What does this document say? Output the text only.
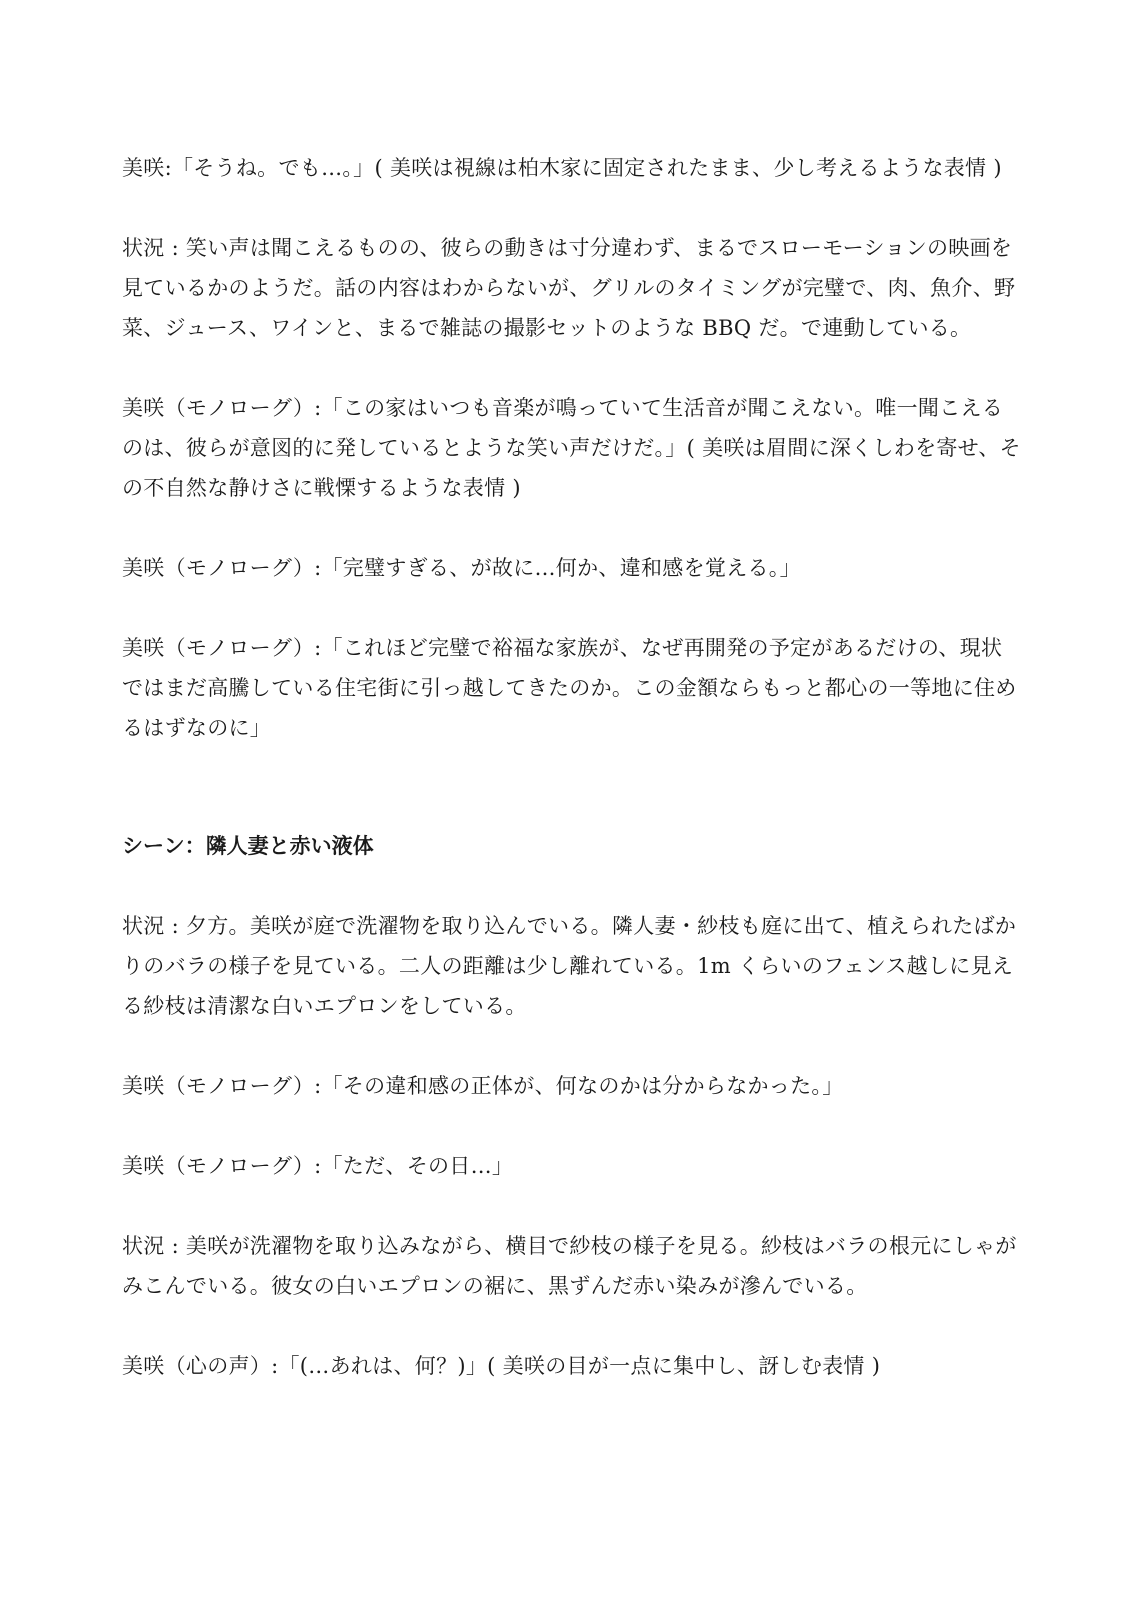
美咲:「そうね。でも…。」( 美咲は視線は柏木家に固定されたまま、少し考えるような表情 )

状況 : 笑い声は聞こえるものの、彼らの動きは寸分違わず、まるでスローモーションの映画を見ているかのようだ。話の内容はわからないが、グリルのタイミングが完璧で、肉、魚介、野菜、ジュース、ワインと、まるで雑誌の撮影セットのような BBQ だ。で連動している。

美咲（モノローグ）:「この家はいつも音楽が鳴っていて生活音が聞こえない。唯一聞こえるのは、彼らが意図的に発しているとような笑い声だけだ。」( 美咲は眉間に深くしわを寄せ、その不自然な静けさに戦慄するような表情 )

美咲（モノローグ）:「完璧すぎる、が故に…何か、違和感を覚える。」

美咲（モノローグ）:「これほど完璧で裕福な家族が、なぜ再開発の予定があるだけの、現状ではまだ高騰している住宅街に引っ越してきたのか。この金額ならもっと都心の一等地に住めるはずなのに」

シーン：隣人妻と赤い液体

状況 : 夕方。美咲が庭で洗濯物を取り込んでいる。隣人妻・紗枝も庭に出て、植えられたばかりのバラの様子を見ている。二人の距離は少し離れている。1m くらいのフェンス越しに見える紗枝は清潔な白いエプロンをしている。

美咲（モノローグ）:「その違和感の正体が、何なのかは分からなかった。」

美咲（モノローグ）:「ただ、その日…」

状況 : 美咲が洗濯物を取り込みながら、横目で紗枝の様子を見る。紗枝はバラの根元にしゃがみこんでいる。彼女の白いエプロンの裾に、黒ずんだ赤い染みが滲んでいる。

美咲（心の声）:「(…あれは、何？)」( 美咲の目が一点に集中し、訝しむ表情 )
